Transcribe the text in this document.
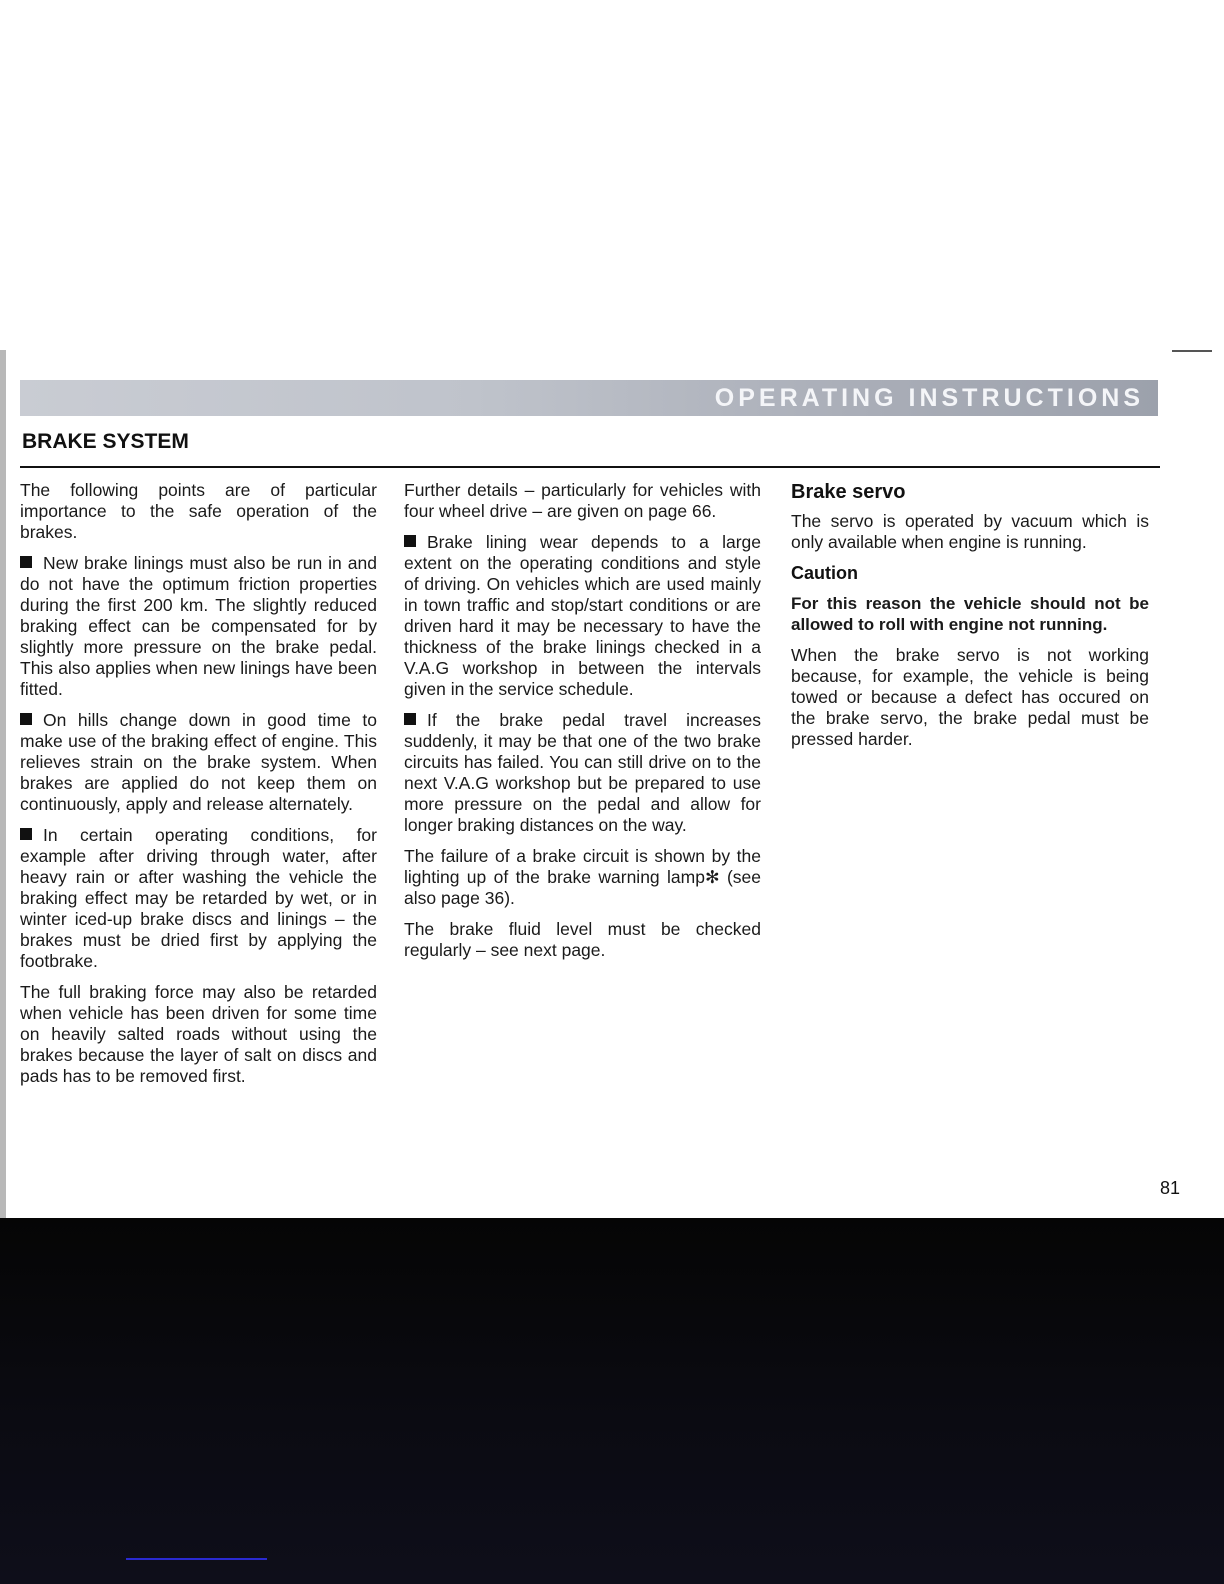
OPERATING INSTRUCTIONS
BRAKE SYSTEM

The following points are of particular importance to the safe operation of the brakes.

New brake linings must also be run in and do not have the optimum friction properties during the first 200 km. The slightly reduced braking effect can be compensated for by slightly more pressure on the brake pedal. This also applies when new linings have been fitted.

On hills change down in good time to make use of the braking effect of engine. This relieves strain on the brake system. When brakes are applied do not keep them on continuously, apply and release alternately.

In certain operating conditions, for example after driving through water, after heavy rain or after washing the vehicle the braking effect may be retarded by wet, or in winter iced-up brake discs and linings – the brakes must be dried first by applying the footbrake.

The full braking force may also be retarded when vehicle has been driven for some time on heavily salted roads without using the brakes because the layer of salt on discs and pads has to be removed first.

Further details – particularly for vehicles with four wheel drive – are given on page 66.

Brake lining wear depends to a large extent on the operating conditions and style of driving. On vehicles which are used mainly in town traffic and stop/start conditions or are driven hard it may be necessary to have the thickness of the brake linings checked in a V.A.G workshop in between the intervals given in the service schedule.

If the brake pedal travel increases suddenly, it may be that one of the two brake circuits has failed. You can still drive on to the next V.A.G workshop but be prepared to use more pressure on the pedal and allow for longer braking distances on the way.

The failure of a brake circuit is shown by the lighting up of the brake warning lamp✻ (see also page 36).

The brake fluid level must be checked regularly – see next page.

Brake servo

The servo is operated by vacuum which is only available when engine is running.

Caution

For this reason the vehicle should not be allowed to roll with engine not running.

When the brake servo is not working because, for example, the vehicle is being towed or because a defect has occured on the brake servo, the brake pedal must be pressed harder.

81
